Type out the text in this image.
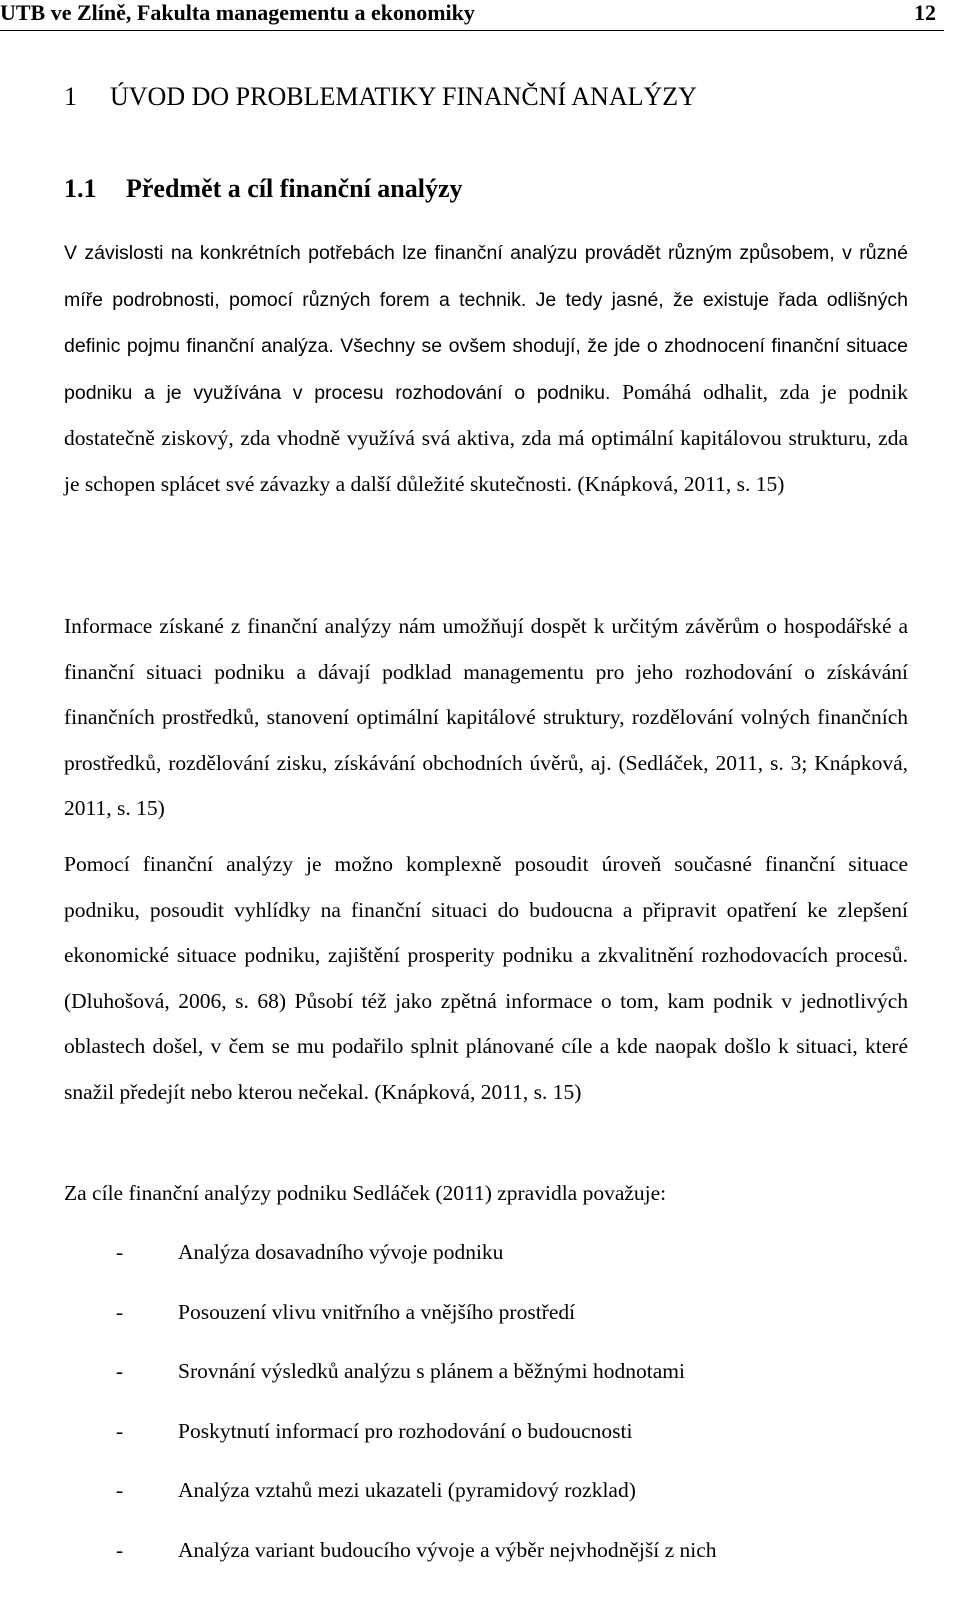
UTB ve Zlíně, Fakulta managementu a ekonomiky	12
1 ÚVOD DO PROBLEMATIKY FINANČNÍ ANALÝZY
1.1 Předmět a cíl finanční analýzy

V závislosti na konkrétních potřebách lze finanční analýzu provádět různým způsobem, v různé míře podrobnosti, pomocí různých forem a technik. Je tedy jasné, že existuje řada odlišných definic pojmu finanční analýza. Všechny se ovšem shodují, že jde o zhodnocení finanční situace podniku a je využívána v procesu rozhodování o podniku. Pomáhá odhalit, zda je podnik dostatečně ziskový, zda vhodně využívá svá aktiva, zda má optimální kapitálovou strukturu, zda je schopen splácet své závazky a další důležité skutečnosti. (Knápková, 2011, s. 15)

Informace získané z finanční analýzy nám umožňují dospět k určitým závěrům o hospodářské a finanční situaci podniku a dávají podklad managementu pro jeho rozhodování o získávání finančních prostředků, stanovení optimální kapitálové struktury, rozdělování volných finančních prostředků, rozdělování zisku, získávání obchodních úvěrů, aj. (Sedláček, 2011, s. 3; Knápková, 2011, s. 15)

Pomocí finanční analýzy je možno komplexně posoudit úroveň současné finanční situace podniku, posoudit vyhlídky na finanční situaci do budoucna a připravit opatření ke zlepšení ekonomické situace podniku, zajištění prosperity podniku a zkvalitnění rozhodovacích procesů. (Dluhošová, 2006, s. 68) Působí též jako zpětná informace o tom, kam podnik v jednotlivých oblastech došel, v čem se mu podařilo splnit plánované cíle a kde naopak došlo k situaci, které snažil předejít nebo kterou nečekal. (Knápková, 2011, s. 15)

Za cíle finanční analýzy podniku Sedláček (2011) zpravidla považuje:

-	Analýza dosavadního vývoje podniku
-	Posouzení vlivu vnitřního a vnějšího prostředí
-	Srovnání výsledků analýzu s plánem a běžnými hodnotami
-	Poskytnutí informací pro rozhodování o budoucnosti
-	Analýza vztahů mezi ukazateli (pyramidový rozklad)
-	Analýza variant budoucího vývoje a výběr nejvhodnější z nich
